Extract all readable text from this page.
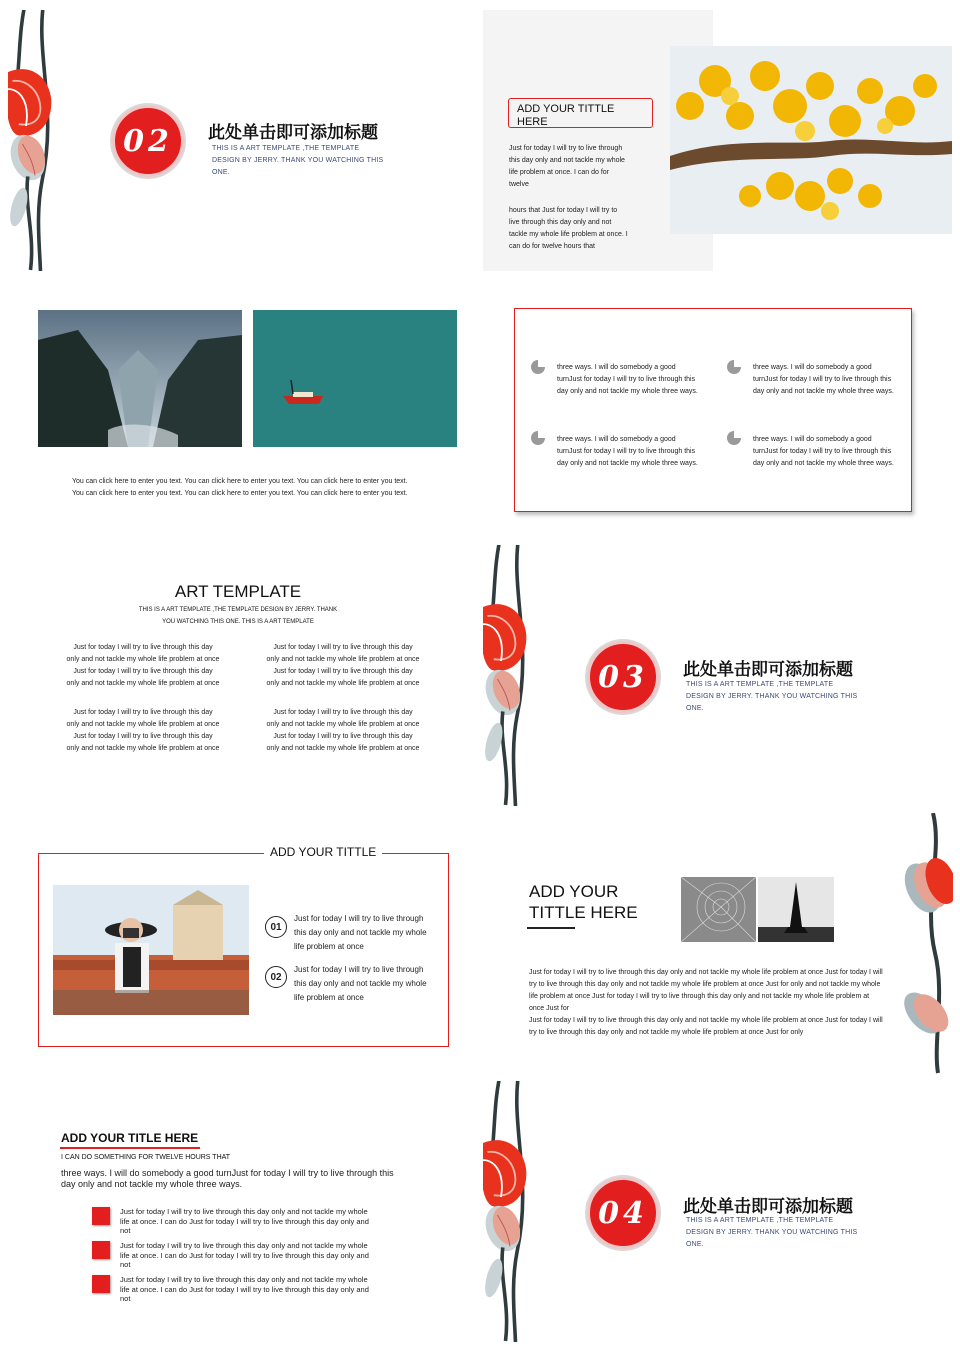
02	此处单击即可添加标题
THIS IS A ART TEMPLATE ,THE TEMPLATE
DESIGN BY JERRY. THANK YOU WATCHING THIS
ONE.
ADD YOUR TITTLE
HERE
Just for today I will try to live through
this day only and not tackle my whole
life problem at once. I can do for
twelve
hours that Just for today I will try to
live through this day only and not
tackle my whole life problem at once. I
can do for twelve hours that
You can click here to enter you text. You can click here to enter you text. You can click here to enter you text.
You can click here to enter you text. You can click here to enter you text. You can click here to enter you text.
three ways. I will do somebody a good
turnJust for today I will try to live through this
day only and not tackle my whole three ways.
three ways. I will do somebody a good
turnJust for today I will try to live through this
day only and not tackle my whole three ways.
three ways. I will do somebody a good
turnJust for today I will try to live through this
day only and not tackle my whole three ways.
three ways. I will do somebody a good
turnJust for today I will try to live through this
day only and not tackle my whole three ways.
ART TEMPLATE
THIS IS A ART TEMPLATE ,THE TEMPLATE DESIGN BY JERRY. THANK
YOU WATCHING THIS ONE. THIS IS A ART TEMPLATE
Just for today I will try to live through this day
only and not tackle my whole life problem at once
Just for today I will try to live through this day
only and not tackle my whole life problem at once
Just for today I will try to live through this day
only and not tackle my whole life problem at once
Just for today I will try to live through this day
only and not tackle my whole life problem at once
Just for today I will try to live through this day
only and not tackle my whole life problem at once
Just for today I will try to live through this day
only and not tackle my whole life problem at once
Just for today I will try to live through this day
only and not tackle my whole life problem at once
Just for today I will try to live through this day
only and not tackle my whole life problem at once
03	此处单击即可添加标题
THIS IS A ART TEMPLATE ,THE TEMPLATE
DESIGN BY JERRY. THANK YOU WATCHING THIS
ONE.
ADD YOUR TITTLE
01
Just for today I will try to live through
this day only and not tackle my whole
life problem at once
02
Just for today I will try to live through
this day only and not tackle my whole
life problem at once
ADD YOUR
TITTLE HERE
Just for today I will try to live through this day only and not tackle my whole life problem at once Just for today I will
try to live through this day only and not tackle my whole life problem at once Just for only and not tackle my whole
life problem at once Just for today I will try to live through this day only and not tackle my whole life problem at
once Just for
Just for today I will try to live through this day only and not tackle my whole life problem at once Just for today I will
try to live through this day only and not tackle my whole life problem at once Just for only
ADD YOUR TITLE HERE
I CAN DO SOMETHING FOR TWELVE HOURS THAT
three ways. I will do somebody a good turnJust for today I will try to live through this
day only and not tackle my whole three ways.
Just for today I will try to live through this day only and not tackle my whole
life at once. I can do Just for today I will try to live through this day only and
not
Just for today I will try to live through this day only and not tackle my whole
life at once. I can do Just for today I will try to live through this day only and
not
Just for today I will try to live through this day only and not tackle my whole
life at once. I can do Just for today I will try to live through this day only and
not
04	此处单击即可添加标题
THIS IS A ART TEMPLATE ,THE TEMPLATE
DESIGN BY JERRY. THANK YOU WATCHING THIS
ONE.
